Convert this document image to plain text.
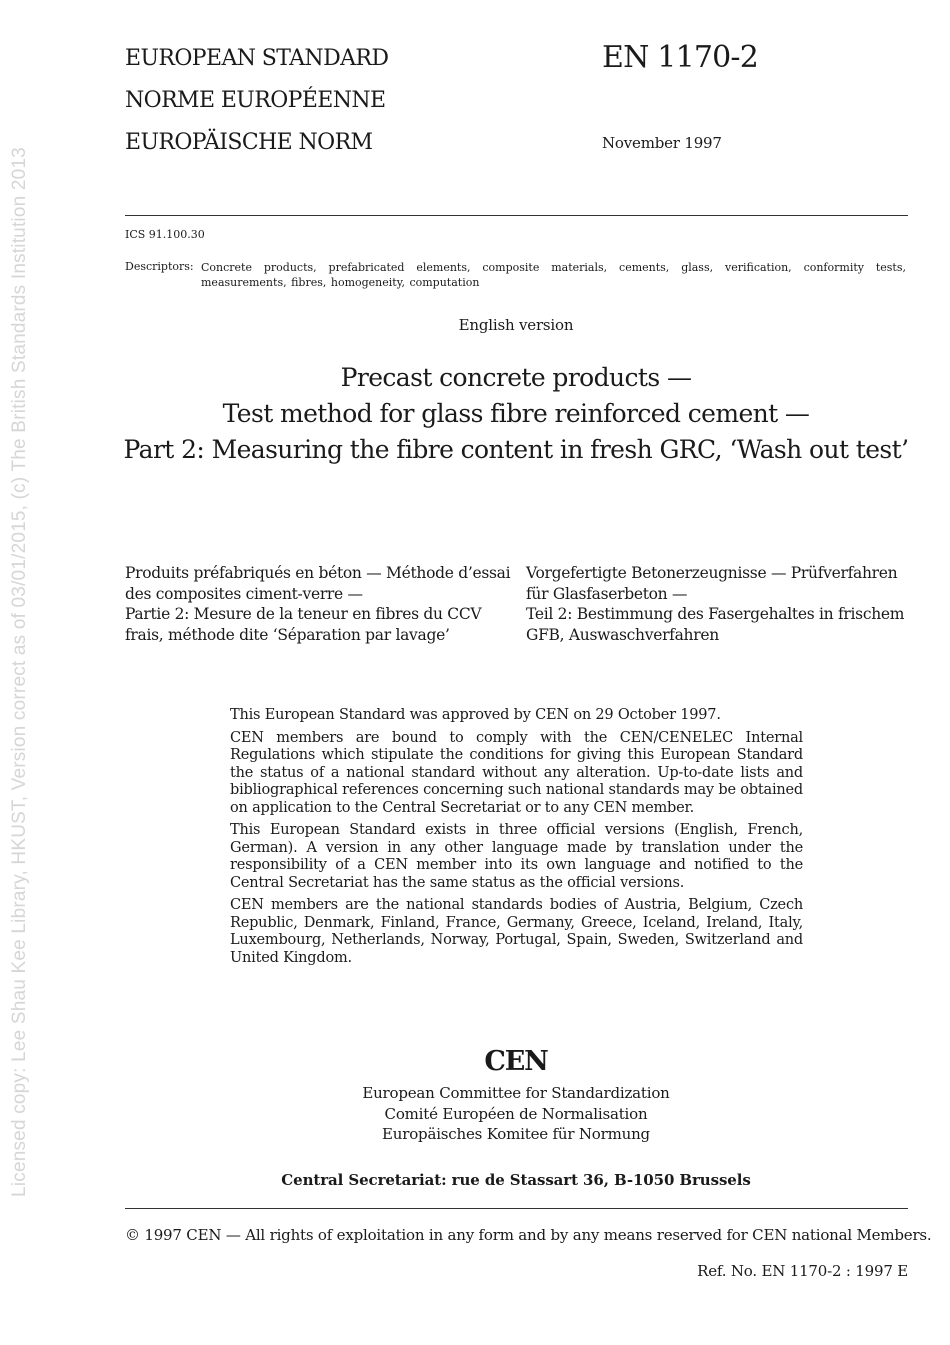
Licensed copy: Lee Shau Kee Library, HKUST, Version correct as of 03/01/2015, (c) The British Standards Institution 2013
EUROPEAN STANDARD
NORME EUROPÉENNE
EUROPÄISCHE NORM
EN 1170-2
November 1997
ICS 91.100.30
Descriptors: Concrete products, prefabricated elements, composite materials, cements, glass, verification, conformity tests, measurements, fibres, homogeneity, computation
English version
Precast concrete products —
Test method for glass fibre reinforced cement —
Part 2: Measuring the fibre content in fresh GRC, ‘Wash out test’
Produits préfabriqués en béton — Méthode d’essai des composites ciment-verre —
Partie 2: Mesure de la teneur en fibres du CCV frais, méthode dite ‘Séparation par lavage’
Vorgefertigte Betonerzeugnisse — Prüfverfahren für Glasfaserbeton —
Teil 2: Bestimmung des Fasergehaltes in frischem GFB, Auswaschverfahren

This European Standard was approved by CEN on 29 October 1997.

CEN members are bound to comply with the CEN/CENELEC Internal Regulations which stipulate the conditions for giving this European Standard the status of a national standard without any alteration. Up-to-date lists and bibliographical references concerning such national standards may be obtained on application to the Central Secretariat or to any CEN member.

This European Standard exists in three official versions (English, French, German). A version in any other language made by translation under the responsibility of a CEN member into its own language and notified to the Central Secretariat has the same status as the official versions.

CEN members are the national standards bodies of Austria, Belgium, Czech Republic, Denmark, Finland, France, Germany, Greece, Iceland, Ireland, Italy, Luxembourg, Netherlands, Norway, Portugal, Spain, Sweden, Switzerland and United Kingdom.

CEN
European Committee for Standardization
Comité Européen de Normalisation
Europäisches Komitee für Normung
Central Secretariat: rue de Stassart 36, B-1050 Brussels
© 1997 CEN — All rights of exploitation in any form and by any means reserved for CEN national Members.
Ref. No. EN 1170-2 : 1997 E
